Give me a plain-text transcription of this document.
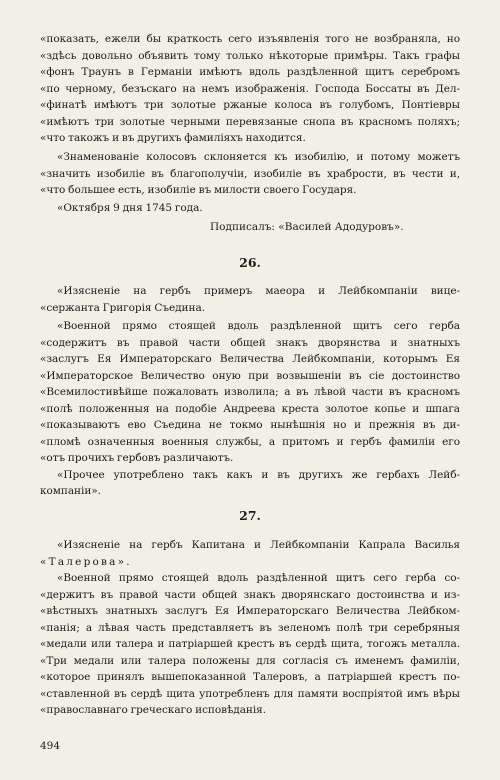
«показать, ежели бы краткость сего изъявленія того не возбраняла, но

«здѣсь довольно объявить тому только нѣкоторые примѣры. Такъ графы

«фонъ Траунъ в Германіи имѣютъ вдоль раздѣленной щитъ серебромъ

«по черному, безъскаго на немъ изображенія. Господа Боссаты въ Дел-

«финатѣ имѣютъ три золотые ржаные колоса въ голубомъ, Понтіевры

«имѣютъ три золотые черными перевязаные снопа въ красномъ поляхъ;

«что такожъ и въ другихъ фамиліяхъ находится.

«Знаменованіе колосовъ склоняется къ изобилію, и потому можетъ

«значить изобиліе въ благополучіи, изобиліе въ храбрости, въ чести и,

«что большее есть, изобиліе въ милости своего Государя.

«Октября 9 дня 1745 года.

Подписалъ: «Василей Адодуровъ».
26.

«Изясненіе на гербъ примеръ маеора и Лейбкомпаніи вице-

«сержанта Григорія Съедина.

«Военной прямо стоящей вдоль раздѣленной щитъ сего герба

«содержитъ въ правой части общей знакъ дворянства и знатныхъ

«заслугъ Ея Императорскаго Величества Лейбкомпаніи, которымъ Ея

«Императорское Величество оную при возвышеніи въ сіе достоинство

«Всемилостивѣйше пожаловать изволила; а въ лѣвой части въ красномъ

«полѣ положенныя на подобіе Андреева креста золотое копье и шпага

«показываютъ ево Съедина не токмо нынѣшнія но и прежнія въ ди-

«пломѣ означенныя военныя службы, а притомъ и гербъ фамиліи его

«отъ прочихъ гербовъ различаютъ.

«Прочее употреблено такъ какъ и въ другихъ же гербахъ Лейб-

компаніи».

27.

«Изясненіе на гербъ Капитана и Лейбкомпаніи Капрала Василья

«Талерова».

«Военной прямо стоящей вдоль раздѣленной щитъ сего герба со-

«держитъ въ правой части общей знакъ дворянскаго достоинства и из-

«вѣстныхъ знатныхъ заслугъ Ея Императорскаго Величества Лейбком-

«панія; а лѣвая часть представляетъ въ зеленомъ полѣ три серебряныя

«медали или талера и патріаршей крестъ въ сердѣ щита, тогожъ металла.

«Три медали или талера положены для согласія съ именемъ фамиліи,

«которое принялъ вышепоказанной Талеровъ, а патріаршей крестъ по-

«ставленной въ сердѣ щита употребленъ для памяти воспріятой имъ вѣры

«православнаго греческаго исповѣданія.

494
